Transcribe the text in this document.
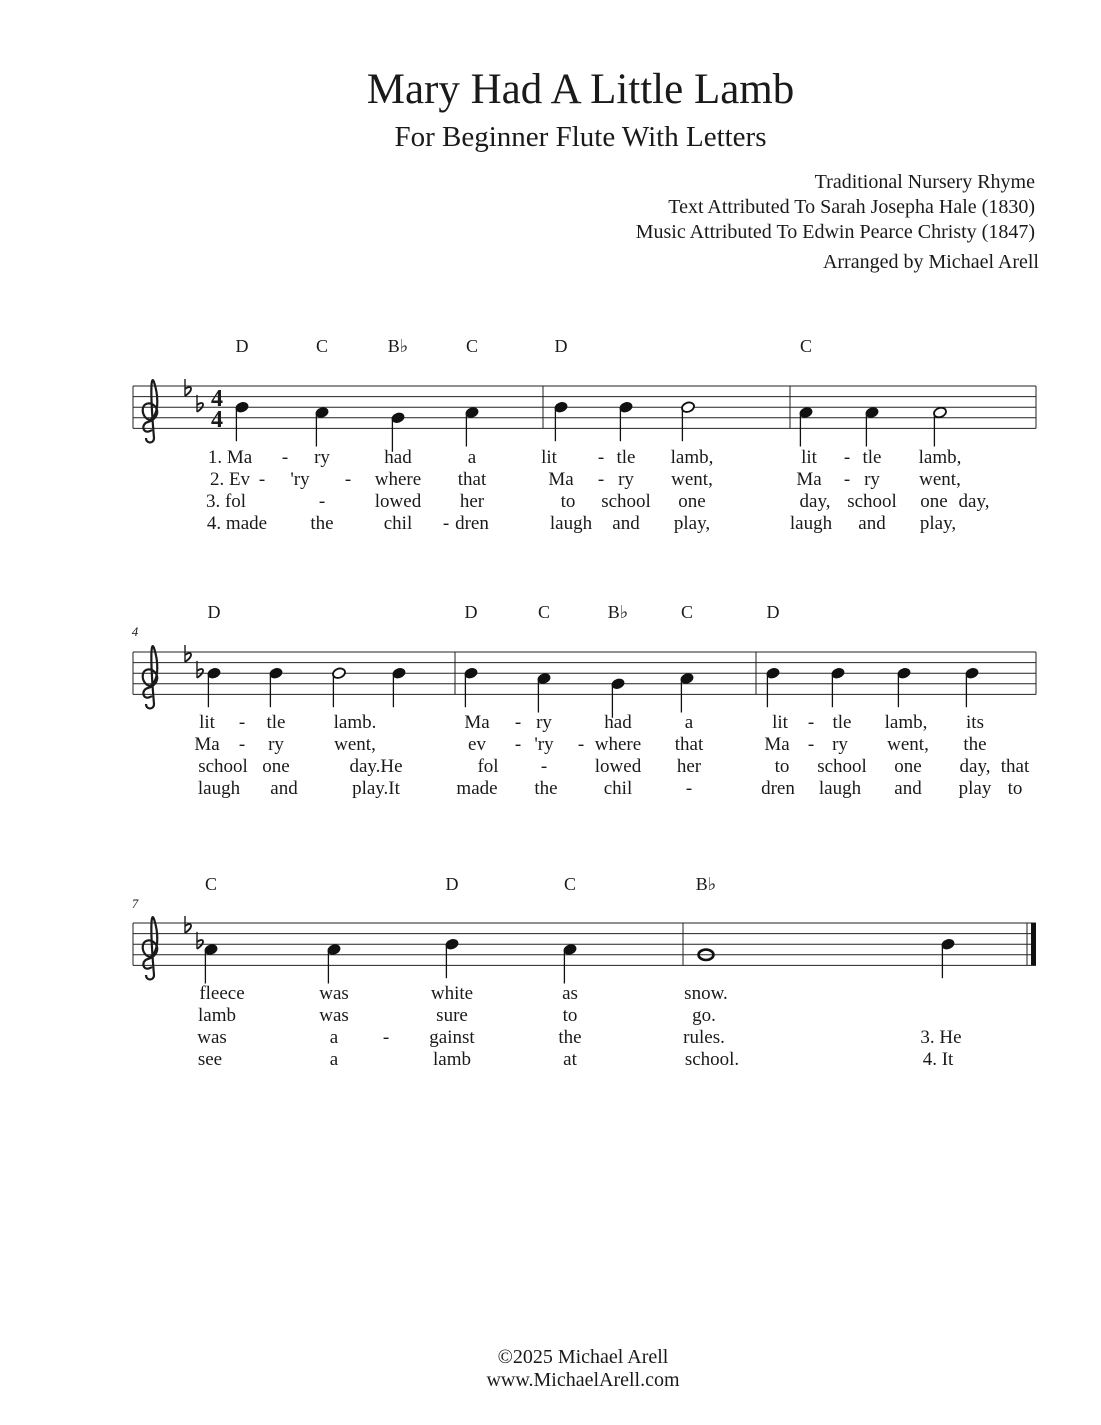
Mary Had A Little Lamb
For Beginner Flute With Letters
Traditional Nursery Rhyme
Text Attributed To Sarah Josepha Hale (1830)
Music Attributed To Edwin Pearce Christy (1847)
Arranged by Michael Arell
4
4
D	C	B♭	C	D	C
1. Ma - ry	had	a	lit - tle lamb,	lit - tle lamb,
2. Ev - 'ry - where that	Ma - ry went,	Ma - ry went,
3. fol	-	lowed her	to school one	day, school one day,
4. made the	chil - dren	laugh and play,	laugh and play,
4
D	D	C	B♭	C	D
lit - tle	lamb.	Ma - ry	had	a	lit - tle lamb, its
Ma - ry	went,	ev - 'ry - where that	Ma - ry went, the
school one	day.He	fol -	lowed her	to school one day, that
laugh and	play.It	made the chil	-	dren laugh and play to
7
C	D	C	B♭
fleece	was	white	as	snow.
lamb	was	sure	to	go.
was	a - gainst	the	rules.	3. He
see	a	lamb	at	school.	4. It
©2025 Michael Arell
www.MichaelArell.com
